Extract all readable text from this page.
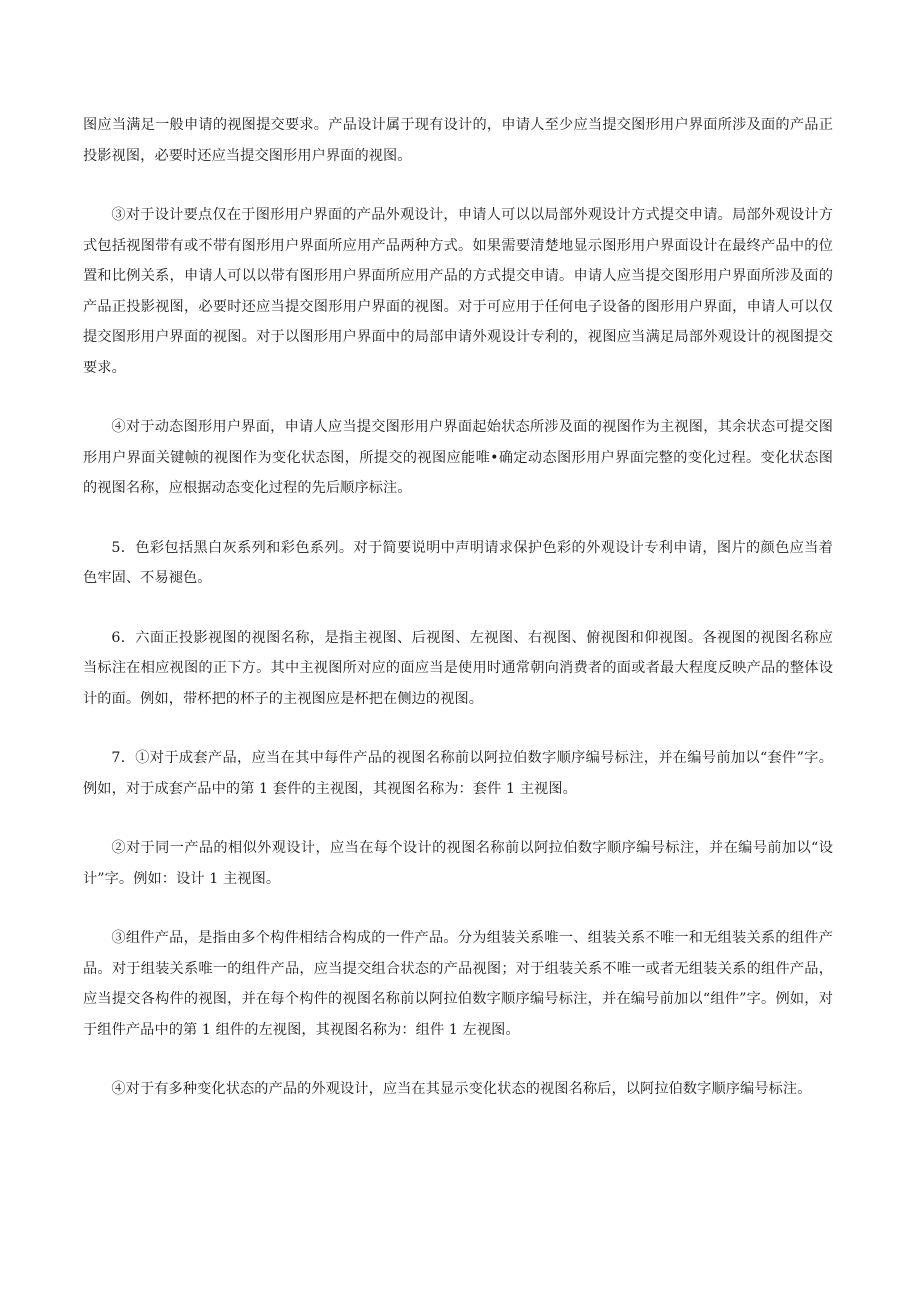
图应当满足一般申请的视图提交要求。产品设计属于现有设计的，申请人至少应当提交图形用户界面所涉及面的产品正投影视图，必要时还应当提交图形用户界面的视图。

③对于设计要点仅在于图形用户界面的产品外观设计，申请人可以以局部外观设计方式提交申请。局部外观设计方式包括视图带有或不带有图形用户界面所应用产品两种方式。如果需要清楚地显示图形用户界面设计在最终产品中的位置和比例关系，申请人可以以带有图形用户界面所应用产品的方式提交申请。申请人应当提交图形用户界面所涉及面的产品正投影视图，必要时还应当提交图形用户界面的视图。对于可应用于任何电子设备的图形用户界面，申请人可以仅提交图形用户界面的视图。对于以图形用户界面中的局部申请外观设计专利的，视图应当满足局部外观设计的视图提交要求。

④对于动态图形用户界面，申请人应当提交图形用户界面起始状态所涉及面的视图作为主视图，其余状态可提交图形用户界面关键帧的视图作为变化状态图，所提交的视图应能唯•确定动态图形用户界面完整的变化过程。变化状态图的视图名称，应根据动态变化过程的先后顺序标注。

5．色彩包括黑白灰系列和彩色系列。对于简要说明中声明请求保护色彩的外观设计专利申请，图片的颜色应当着色牢固、不易褪色。

6．六面正投影视图的视图名称，是指主视图、后视图、左视图、右视图、俯视图和仰视图。各视图的视图名称应当标注在相应视图的正下方。其中主视图所对应的面应当是使用时通常朝向消费者的面或者最大程度反映产品的整体设计的面。例如，带杯把的杯子的主视图应是杯把在侧边的视图。

7．①对于成套产品，应当在其中每件产品的视图名称前以阿拉伯数字顺序编号标注，并在编号前加以“套件”字。例如，对于成套产品中的第 1 套件的主视图，其视图名称为：套件 1 主视图。

②对于同一产品的相似外观设计，应当在每个设计的视图名称前以阿拉伯数字顺序编号标注，并在编号前加以“设计”字。例如：设计 1 主视图。

③组件产品，是指由多个构件相结合构成的一件产品。分为组装关系唯一、组装关系不唯一和无组装关系的组件产品。对于组装关系唯一的组件产品，应当提交组合状态的产品视图；对于组装关系不唯一或者无组装关系的组件产品，应当提交各构件的视图，并在每个构件的视图名称前以阿拉伯数字顺序编号标注，并在编号前加以“组件”字。例如，对于组件产品中的第 1 组件的左视图，其视图名称为：组件 1 左视图。

④对于有多种变化状态的产品的外观设计，应当在其显示变化状态的视图名称后，以阿拉伯数字顺序编号标注。
